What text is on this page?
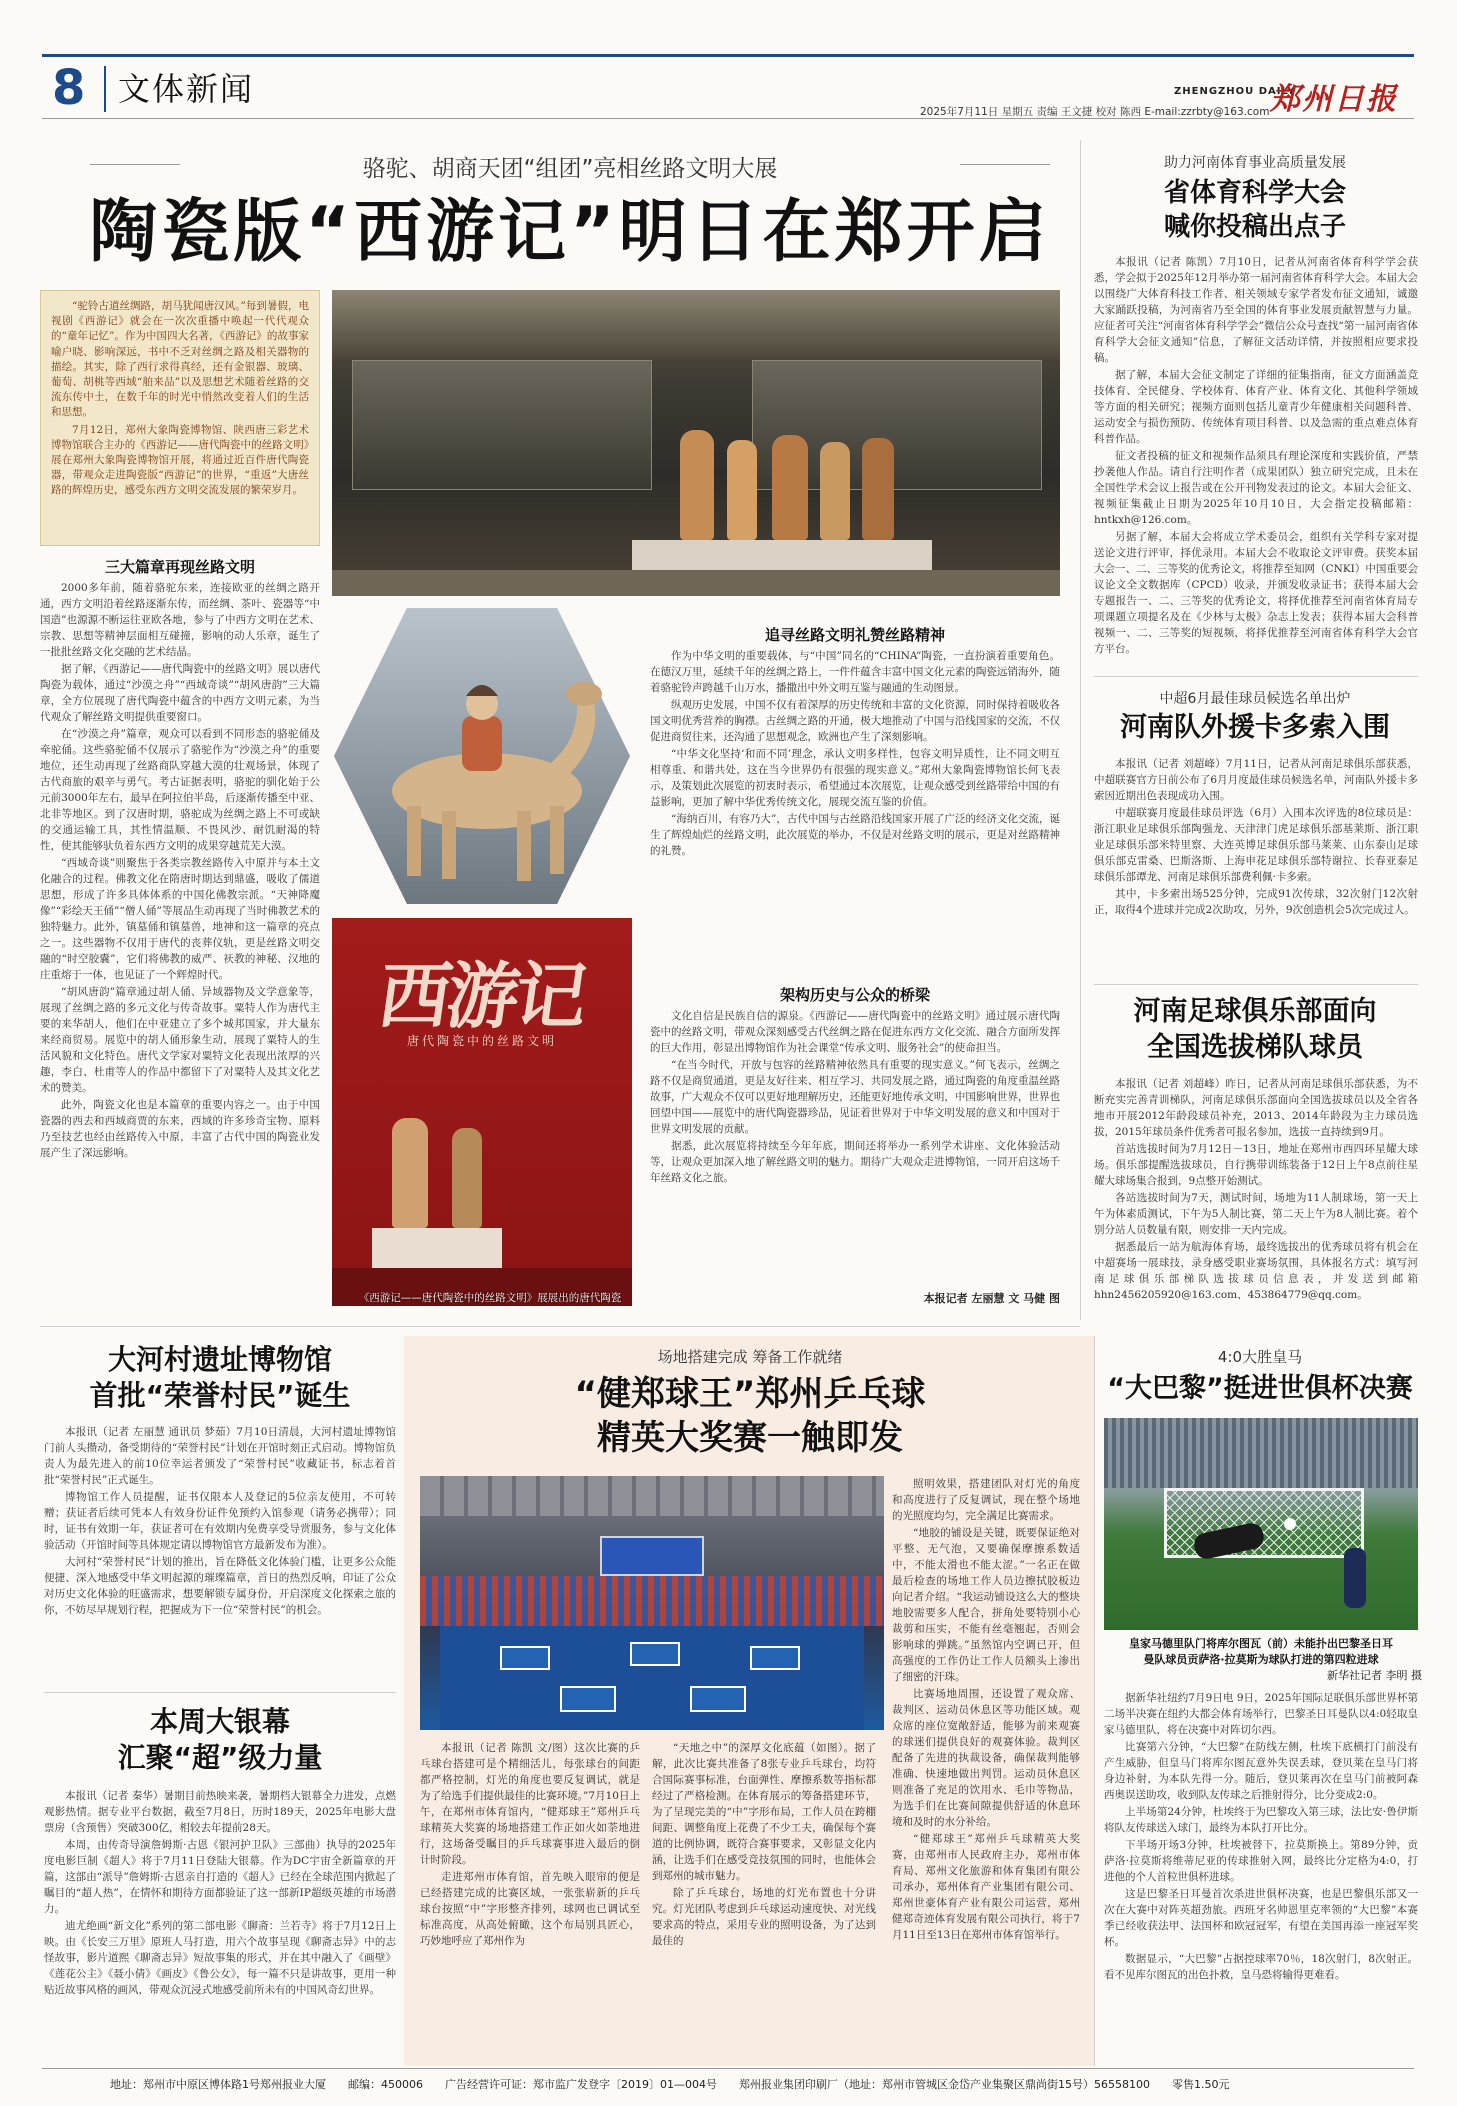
8 文体新闻
2025年7月11日 星期五 责编 王文捷 校对 陈西 E-mail:zzrbty@163.com
ZHENGZHOU DAILY
郑州日报
骆驼、胡商天团“组团”亮相丝路文明大展
陶瓷版“西游记”明日在郑开启
“驼铃古道丝绸路，胡马犹闻唐汉风。”每到暑假，电视剧《西游记》就会在一次次重播中唤起一代代观众的“童年记忆”。作为中国四大名著，《西游记》的故事家喻户晓、影响深远，书中不乏对丝绸之路及相关器物的描绘。其实，除了西行求得真经，还有金银器、玻璃、葡萄、胡桃等西域“舶来品”以及思想艺术随着丝路的交流东传中土，在数千年的时光中悄然改变着人们的生活和思想。
7月12日，郑州大象陶瓷博物馆、陕西唐三彩艺术博物馆联合主办的《西游记——唐代陶瓷中的丝路文明》展在郑州大象陶瓷博物馆开展，将通过近百件唐代陶瓷器，带观众走进陶瓷版“西游记”的世界，“重返”大唐丝路的辉煌历史，感受东西方文明交流发展的繁荣岁月。
西游记
唐代陶瓷中的丝路文明
《西游记——唐代陶瓷中的丝路文明》展展出的唐代陶瓷
三大篇章再现丝路文明

2000多年前，随着骆驼东来，连接欧亚的丝绸之路开通，西方文明沿着丝路逐渐东传，而丝绸、茶叶、瓷器等“中国造”也源源不断运往亚欧各地，参与了中西方文明在艺术、宗教、思想等精神层面相互碰撞，影响的动人乐章，诞生了一批批丝路文化交融的艺术结晶。

据了解，《西游记——唐代陶瓷中的丝路文明》展以唐代陶瓷为载体，通过“沙漠之舟”“西域奇谈”“胡风唐韵”三大篇章，全方位展现了唐代陶瓷中蕴含的中西方文明元素，为当代观众了解丝路文明提供重要窗口。

在“沙漠之舟”篇章，观众可以看到不同形态的骆驼俑及牵驼俑。这些骆驼俑不仅展示了骆驼作为“沙漠之舟”的重要地位，还生动再现了丝路商队穿越大漠的壮观场景，体现了古代商旅的艰辛与勇气。考古证据表明，骆驼的驯化始于公元前3000年左右，最早在阿拉伯半岛，后逐渐传播至中亚、北非等地区。到了汉唐时期，骆驼成为丝绸之路上不可或缺的交通运输工具，其性情温顺、不畏风沙、耐饥耐渴的特性，使其能够驮负着东西方文明的成果穿越荒芜大漠。

“西域奇谈”则聚焦于各类宗教丝路传入中原并与本土文化融合的过程。佛教文化在隋唐时期达到鼎盛，吸收了儒道思想，形成了许多具体体系的中国化佛教宗派。“天神降魔像”“彩绘天王俑”“僧人俑”等展品生动再现了当时佛教艺术的独特魅力。此外，镇墓俑和镇墓兽，地神和这一篇章的亮点之一。这些器物不仅用于唐代的丧葬仪轨，更是丝路文明交融的“时空胶囊”，它们将佛教的威严、祆教的神秘、汉地的庄重熔于一体，也见证了一个辉煌时代。

“胡风唐韵”篇章通过胡人俑、异域器物及文学意象等，展现了丝绸之路的多元文化与传奇故事。粟特人作为唐代主要的来华胡人，他们在中亚建立了多个城邦国家，并大量东来经商贸易。展览中的胡人俑形象生动，展现了粟特人的生活风貌和文化特色。唐代文学家对粟特文化表现出浓厚的兴趣，李白、杜甫等人的作品中都留下了对粟特人及其文化艺术的赞美。

此外，陶瓷文化也是本篇章的重要内容之一。由于中国瓷器的西去和西域商贾的东来，西域的许多珍奇宝物、原料乃至技艺也经由丝路传入中原，丰富了古代中国的陶瓷业发展产生了深远影响。

追寻丝路文明礼赞丝路精神

作为中华文明的重要载体，与“中国”同名的“CHINA”陶瓷，一直扮演着重要角色。在德汉万里，延续千年的丝绸之路上，一件件蕴含丰富中国文化元素的陶瓷远销海外，随着骆驼铃声跨越千山万水，播撒出中外文明互鉴与融通的生动图景。

纵观历史发展，中国不仅有着深厚的历史传统和丰富的文化资源，同时保持着吸收各国文明优秀营养的胸襟。古丝绸之路的开通，极大地推动了中国与沿线国家的交流，不仅促进商贸往来，还沟通了思想观念，欧洲也产生了深刻影响。

“中华文化坚持‘和而不同’理念，承认文明多样性，包容文明异质性，让不同文明互相尊重、和谐共处，这在当今世界仍有很强的现实意义。”郑州大象陶瓷博物馆长何飞表示，及策划此次展览的初衷时表示，希望通过本次展览，让观众感受到丝路带给中国的有益影响，更加了解中华优秀传统文化，展现交流互鉴的价值。

“海纳百川，有容乃大”，古代中国与古丝路沿线国家开展了广泛的经济文化交流，诞生了辉煌灿烂的丝路文明，此次展览的举办，不仅是对丝路文明的展示，更是对丝路精神的礼赞。

架构历史与公众的桥梁

文化自信是民族自信的源泉。《西游记——唐代陶瓷中的丝路文明》通过展示唐代陶瓷中的丝路文明，带观众深刻感受古代丝绸之路在促进东西方文化交流、融合方面所发挥的巨大作用，彰显出博物馆作为社会课堂“传承文明、服务社会”的使命担当。

“在当今时代，开放与包容的丝路精神依然具有重要的现实意义。”何飞表示，丝绸之路不仅是商贸通道，更是友好往来、相互学习、共同发展之路，通过陶瓷的角度重温丝路故事，广大观众不仅可以更好地理解历史，还能更好地传承文明，中国影响世界，世界也回望中国——展览中的唐代陶瓷器珍品，见证着世界对于中华文明发展的意义和中国对于世界文明发展的贡献。

据悉，此次展览将持续至今年年底，期间还将举办一系列学术讲座、文化体验活动等，让观众更加深入地了解丝路文明的魅力。期待广大观众走进博物馆，一同开启这场千年丝路文化之旅。

本报记者 左丽慧 文 马健 图
助力河南体育事业高质量发展
省体育科学大会
喊你投稿出点子

本报讯（记者 陈凯）7月10日，记者从河南省体育科学学会获悉，学会拟于2025年12月举办第一届河南省体育科学大会。本届大会以围绕广大体育科技工作者、相关领域专家学者发布征文通知，诚邀大家踊跃投稿，为河南省乃至全国的体育事业发展贡献智慧与力量。应征者可关注“河南省体育科学学会”微信公众号查找“第一届河南省体育科学大会征文通知”信息，了解征文活动详情，并按照相应要求投稿。

据了解，本届大会征文制定了详细的征集指南，征文方面涵盖竞技体育、全民健身、学校体育、体育产业、体育文化、其他科学领域等方面的相关研究；视频方面则包括儿童青少年健康相关问题科普、运动安全与损伤预防、传统体育项目科普、以及急需的重点难点体育科普作品。

征文者投稿的征文和视频作品须具有理论深度和实践价值，严禁抄袭他人作品。请自行注明作者（成果团队）独立研究完成，且未在全国性学术会议上报告或在公开刊物发表过的论文。本届大会征文、视频征集截止日期为2025年10月10日，大会指定投稿邮箱：hntkxh@126.com。

另据了解，本届大会将成立学术委员会，组织有关学科专家对提送论文进行评审，择优录用。本届大会不收取论文评审费。获奖本届大会一、二、三等奖的优秀论文，将推荐至知网（CNKI）中国重要会议论文全文数据库（CPCD）收录，并颁发收录证书；获得本届大会专题报告一、二、三等奖的优秀论文，将择优推荐至河南省体育局专项课题立项提名及在《少林与太极》杂志上发表；获得本届大会科普视频一、二、三等奖的短视频，将择优推荐至河南省体育科学大会官方平台。

中超6月最佳球员候选名单出炉
河南队外援卡多索入围

本报讯（记者 刘超峰）7月11日，记者从河南足球俱乐部获悉，中超联赛官方日前公布了6月月度最佳球员候选名单，河南队外援卡多索因近期出色表现成功入围。

中超联赛月度最佳球员评选（6月）入围本次评选的8位球员是：浙江职业足球俱乐部陶强龙、天津津门虎足球俱乐部基莱斯、浙江职业足球俱乐部米特里察、大连英博足球俱乐部马莱莱、山东泰山足球俱乐部克雷桑、巴斯洛斯、上海申花足球俱乐部特谢拉、长春亚泰足球俱乐部谭龙、河南足球俱乐部费利佩·卡多索。

其中，卡多索出场525分钟，完成91次传球，32次射门12次射正，取得4个进球并完成2次助攻，另外，9次创造机会5次完成过人。

河南足球俱乐部面向
全国选拔梯队球员

本报讯（记者 刘超峰）昨日，记者从河南足球俱乐部获悉，为不断充实完善青训梯队，河南足球俱乐部面向全国选拔球员以及全省各地市开展2012年龄段球员补充，2013、2014年龄段为主力球员选拔，2015年球员条件优秀者可报名参加，选拔一直持续到9月。

首站选拔时间为7月12日－13日，地址在郑州市西四环星耀大球场。俱乐部提醒选拔球员，自行携带训练装备于12日上午8点前往星耀大球场集合报到，9点整开始测试。

各站选拔时间为7天，测试时间，场地为11人制球场，第一天上午为体素质测试，下午为5人制比赛，第二天上午为8人制比赛。着个别分站人员数量有限，则安排一天内完成。

据悉最后一站为航海体育场，最终选拔出的优秀球员将有机会在中超赛场一展球技，录身感受职业赛场氛围，具体报名方式：填写河南足球俱乐部梯队选拔球员信息表，并发送到邮箱hhn2456205920@163.com、453864779@qq.com。

大河村遗址博物馆
首批“荣誉村民”诞生

本报讯（记者 左丽慧 通讯员 梦茹）7月10日清晨，大河村遗址博物馆门前人头攒动，备受期待的“荣誉村民”计划在开馆时刻正式启动。博物馆负责人为最先进入的前10位幸运者颁发了“荣誉村民”收藏证书，标志着首批“荣誉村民”正式诞生。

博物馆工作人员提醒，证书仅限本人及登记的5位亲友使用，不可转赠；获证者后续可凭本人有效身份证件免预约入馆参观（请务必携带）；同时，证书有效期一年，获证者可在有效期内免费享受导赏服务，参与文化体验活动（开馆时间等具体规定请以博物馆官方最新发布为准）。

大河村“荣誉村民”计划的推出，旨在降低文化体验门槛，让更多公众能便捷、深入地感受中华文明起源的璀璨篇章，首日的热烈反响，印证了公众对历史文化体验的旺盛需求，想要解锁专属身份，开启深度文化探索之旅的你，不妨尽早规划行程，把握成为下一位“荣誉村民”的机会。

本周大银幕
汇聚“超”级力量

本报讯（记者 秦华）暑期目前热映来袭，暑期档大银幕全力进发，点燃观影热情。据专业平台数据，截至7月8日，历时189天，2025年电影大盘票房（含预售）突破300亿，相较去年提前28天。

本周，由传奇导演詹姆斯·古恩《银河护卫队》三部曲）执导的2025年度电影巨制《超人》将于7月11日登陆大银幕。作为DC宇宙全新篇章的开篇，这部由“派导”詹姆斯·古恩亲自打造的《超人》已经在全球范围内掀起了瞩目的“超人热”，在情怀和期待方面都验证了这一部新IP超级英雄的市场潜力。

迪尤绝画“新文化”系列的第二部电影《聊斋：兰若寺》将于7月12日上映。由《长安三万里》原班人马打造，用六个故事呈现《聊斋志异》中的志怪故事，影片道熙《聊斋志异》短故事集的形式，并在其中融入了《画壁》《莲花公主》《聂小倩》《画皮》《鲁公女》，每一篇不只是讲故事，更用一种贴近故事风格的画风，带观众沉浸式地感受前所未有的中国风奇幻世界。

场地搭建完成 筹备工作就绪
“健郑球王”郑州乒乓球
精英大奖赛一触即发

本报讯（记者 陈凯 文/图）这次比赛的乒乓球台搭建可是个精细活儿，每张球台的间距都严格控制，灯光的角度也要反复调试，就是为了给选手们提供最佳的比赛环境。”7月10日上午，在郑州市体育馆内，“健郑球王”郑州乒乓球精英大奖赛的场地搭建工作正如火如荼地进行，这场备受瞩目的乒乓球赛事进入最后的倒计时阶段。

走进郑州市体育馆，首先映入眼帘的便是已经搭建完成的比赛区域，一张张崭新的乒乓球台按照“中”字形整齐排列，球网也已调试至标准高度，从高处俯瞰，这个布局别具匠心，巧妙地呼应了郑州作为

“天地之中”的深厚文化底蕴（如图）。据了解，此次比赛共准备了8张专业乒乓球台，均符合国际赛事标准，台面弹性、摩擦系数等指标都经过了严格检测。在体育展示的筹备搭建环节，为了呈现完美的“中”字形布局，工作人员在跨棚间距、调整角度上花费了不少工夫，确保每个赛道的比例协调，既符合赛事要求，又彰显文化内涵，让选手们在感受竞技氛围的同时，也能体会到郑州的城市魅力。

除了乒乓球台，场地的灯光布置也十分讲究。灯光团队考虑到乒乓球运动速度快、对光线要求高的特点，采用专业的照明设备，为了达到最佳的

照明效果，搭建团队对灯光的角度和高度进行了反复调试，现在整个场地的光照度均匀，完全满足比赛需求。

“地胶的铺设是关键，既要保证绝对平整、无气泡，又要确保摩擦系数适中，不能太滑也不能太涩。”一名正在做最后检查的场地工作人员边擦拭胶板边向记者介绍。“我运动铺设这么大的整块地胶需要多人配合，拼角处要特别小心裁剪和压实，不能有丝毫翘起，否则会影响球的弹跳。”虽然馆内空调已开，但高强度的工作仍让工作人员额头上渗出了细密的汗珠。

比赛场地周围，还设置了观众席、裁判区、运动员休息区等功能区域。观众席的座位宽敞舒适，能够为前来观赛的球迷们提供良好的观赛体验。裁判区配备了先进的执裁设备，确保裁判能够准确、快速地做出判罚。运动员休息区则准备了充足的饮用水、毛巾等物品，为选手们在比赛间隙提供舒适的休息环境和及时的水分补给。

“健郑球王”郑州乒乓球精英大奖赛，由郑州市人民政府主办，郑州市体育局、郑州文化旅游和体育集团有限公司承办，郑州体育产业集团有限公司、郑州世豪体育产业有限公司运营，郑州健郑奇迹体育发展有限公司执行，将于7月11日至13日在郑州市体育馆举行。

4:0大胜皇马
“大巴黎”挺进世俱杯决赛
皇家马德里队门将库尔图瓦（前）未能扑出巴黎圣日耳
曼队球员贡萨洛·拉莫斯为球队打进的第四粒进球
新华社记者 李明 摄

据新华社纽约7月9日电 9日，2025年国际足联俱乐部世界杯第二场半决赛在纽约大都会体育场举行，巴黎圣日耳曼队以4:0轻取皇家马德里队，将在决赛中对阵切尔西。

比赛第六分钟，“大巴黎”在防线左侧，杜埃下底横打门前没有产生威胁，但皇马门将库尔图瓦意外失误丢球，登贝莱在皇马门将身边补射，为本队先得一分。随后，登贝莱再次在皇马门前被阿森西奥误送助攻，收到队友传球之后推射得分，比分变成2:0。

上半场第24分钟，杜埃终于为巴黎攻入第三球，法比安·鲁伊斯将队友传球送入球门，最终为本队打开比分。

下半场开场3分钟，杜埃被替下，拉莫斯换上。第89分钟，贡萨洛·拉莫斯将维蒂尼亚的传球推射入网，最终比分定格为4:0，打进他的个人首粒世俱杯进球。

这是巴黎圣日耳曼首次杀进世俱杯决赛，也是巴黎俱乐部又一次在大赛中对阵英超劲旅。西班牙名帅恩里克率领的“大巴黎”本赛季已经收获法甲、法国杯和欧冠冠军，有望在美国再添一座冠军奖杯。

数据显示，“大巴黎”占据控球率70％，18次射门，8次射正。看不见库尔图瓦的出色扑救，皇马恐将输得更难看。

地址：郑州市中原区博体路1号郑州报业大厦 邮编：450006 广告经营许可证：郑市监广发登字〔2019〕01—004号 郑州报业集团印刷厂（地址：郑州市管城区金岱产业集聚区鼎尚街15号）56558100 零售1.50元
